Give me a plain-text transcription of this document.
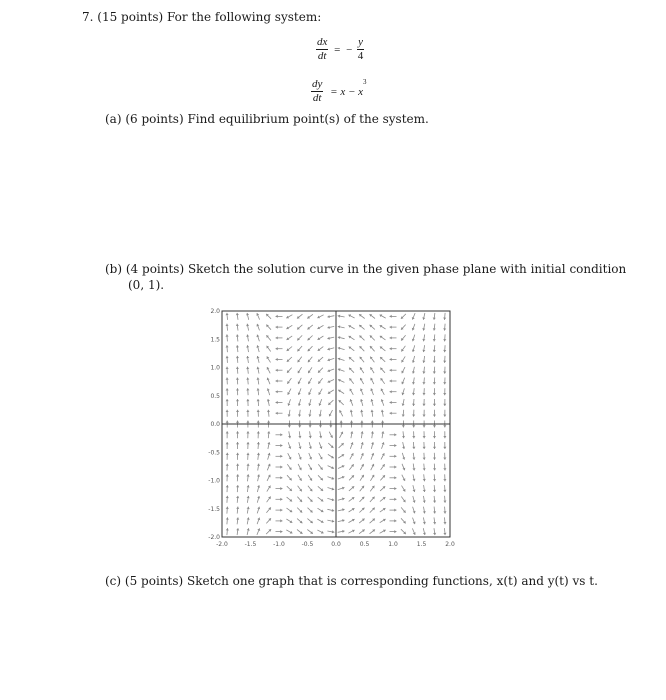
7. (15 points) For the following system:
$\frac{dx}{dt}$ = − $\frac{y}{4}$
$\frac{dy}{dt} = x - x^3$
(a) (6 points) Find equilibrium point(s) of the system.
(b) (4 points) Sketch the solution curve in the given phase plane with initial condition
(0, 1).
-2.0	-1.5	-1.0	-0.5	0.0	0.5	1.0	1.5	2.0
2.0
1.5
1.0
0.5
0.0
-0.5
-1.0
-1.5
-2.0
(c) (5 points) Sketch one graph that is corresponding functions, x(t) and y(t) vs t.
